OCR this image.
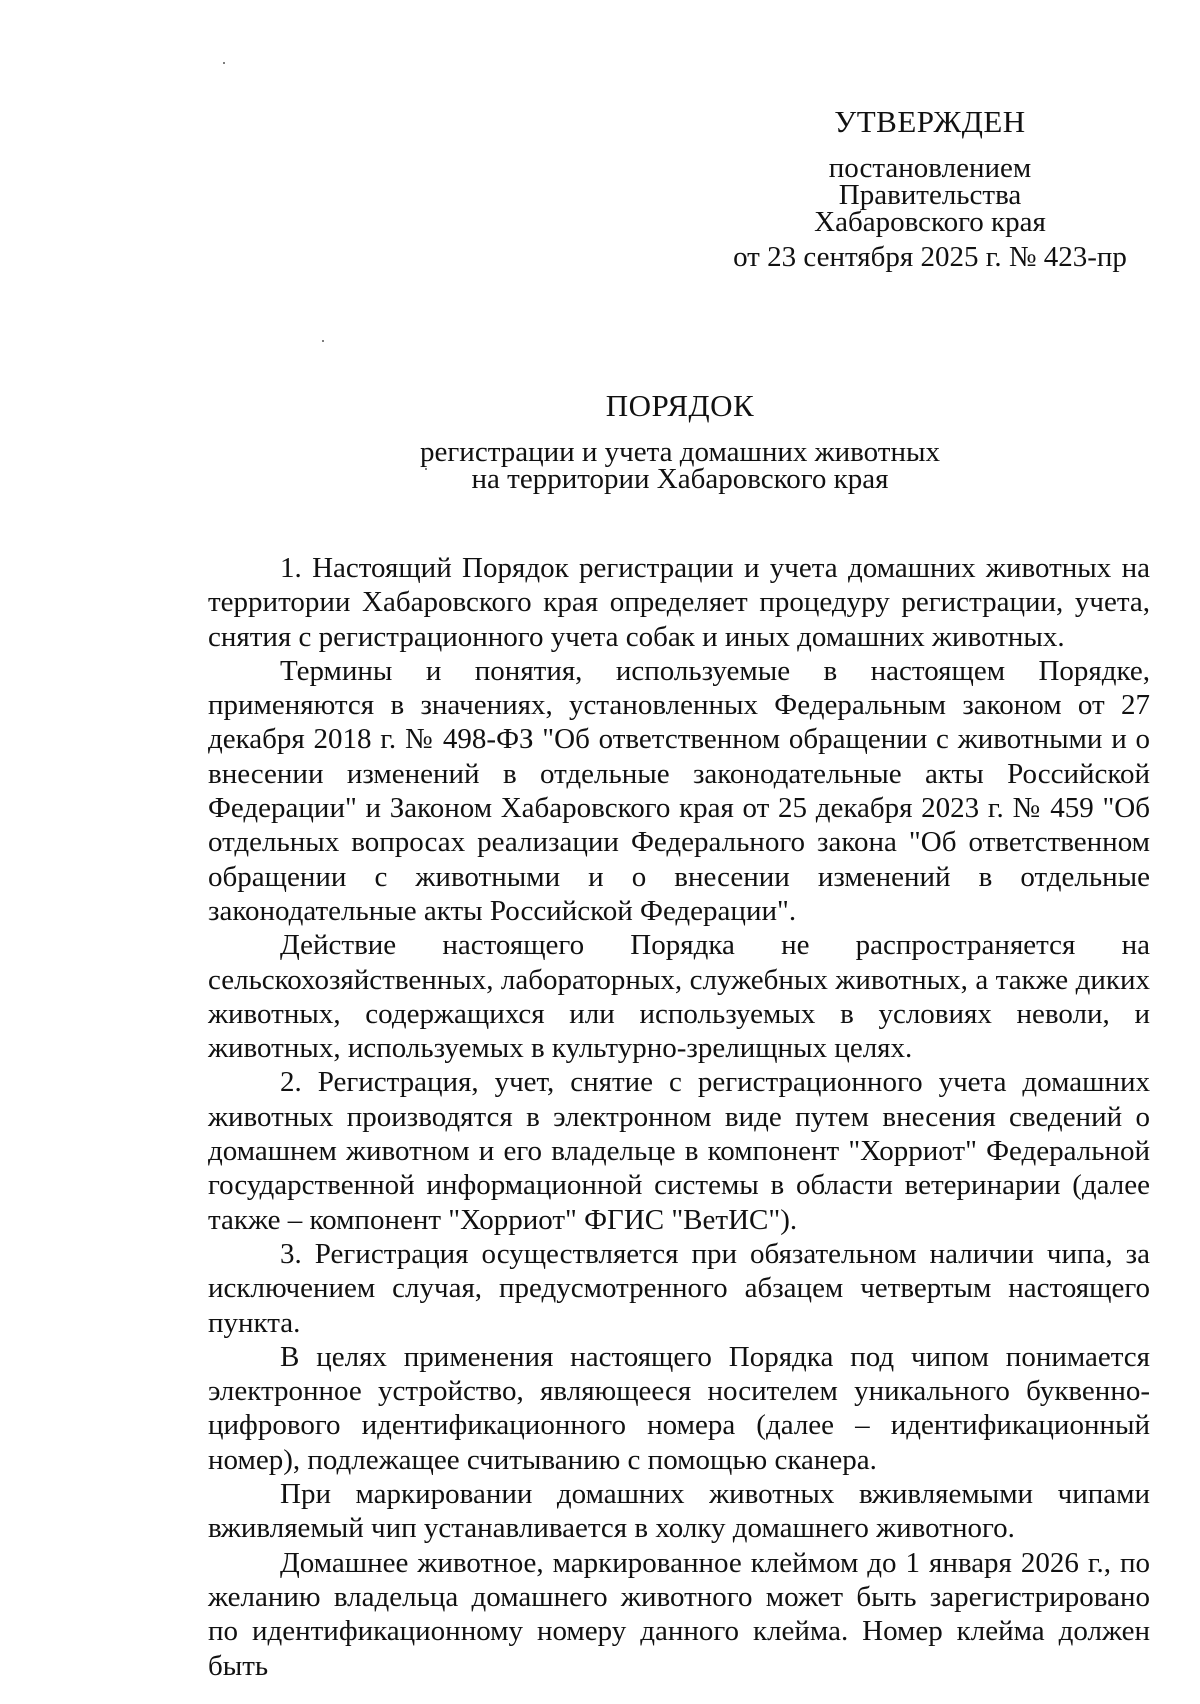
УТВЕРЖДЕН
постановлением
Правительства
Хабаровского края
от 23 сентября 2025 г. № 423-пр
ПОРЯДОК
регистрации и учета домашних животных
на территории Хабаровского края

1. Настоящий Порядок регистрации и учета домашних животных на территории Хабаровского края определяет процедуру регистрации, учета, снятия с регистрационного учета собак и иных домашних животных.

Термины и понятия, используемые в настоящем Порядке, применяются в значениях, установленных Федеральным законом от 27 декабря 2018 г. № 498-ФЗ "Об ответственном обращении с животными и о внесении изменений в отдельные законодательные акты Российской Федерации" и Законом Хабаровского края от 25 декабря 2023 г. № 459 "Об отдельных вопросах реализации Федерального закона "Об ответственном обращении с животными и о внесении изменений в отдельные законодательные акты Российской Федерации".

Действие настоящего Порядка не распространяется на сельскохозяйственных, лабораторных, служебных животных, а также диких животных, содержащихся или используемых в условиях неволи, и животных, используемых в культурно-зрелищных целях.

2. Регистрация, учет, снятие с регистрационного учета домашних животных производятся в электронном виде путем внесения сведений о домашнем животном и его владельце в компонент "Хорриот" Федеральной государственной информационной системы в области ветеринарии (далее также – компонент "Хорриот" ФГИС "ВетИС").

3. Регистрация осуществляется при обязательном наличии чипа, за исключением случая, предусмотренного абзацем четвертым настоящего пункта.

В целях применения настоящего Порядка под чипом понимается электронное устройство, являющееся носителем уникального буквенно-цифрового идентификационного номера (далее – идентификационный номер), подлежащее считыванию с помощью сканера.

При маркировании домашних животных вживляемыми чипами вживляемый чип устанавливается в холку домашнего животного.

Домашнее животное, маркированное клеймом до 1 января 2026 г., по желанию владельца домашнего животного может быть зарегистрировано по идентификационному номеру данного клейма. Номер клейма должен быть
